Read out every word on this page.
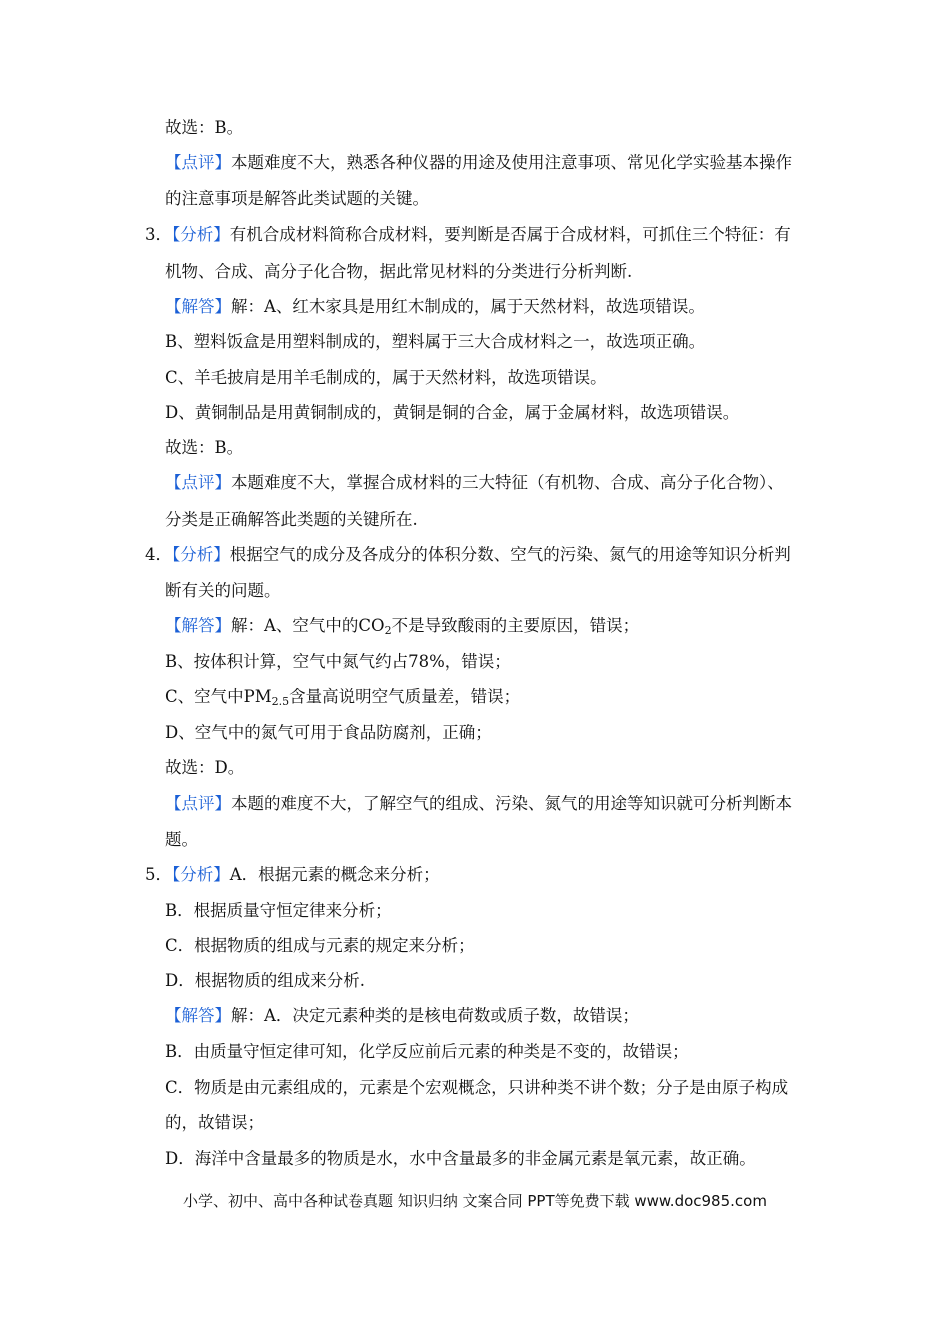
故选：B。
【点评】本题难度不大，熟悉各种仪器的用途及使用注意事项、常见化学实验基本操作
的注意事项是解答此类试题的关键。
3．【分析】有机合成材料简称合成材料，要判断是否属于合成材料，可抓住三个特征：有
机物、合成、高分子化合物，据此常见材料的分类进行分析判断.
【解答】解：A、红木家具是用红木制成的，属于天然材料，故选项错误。
B、塑料饭盒是用塑料制成的，塑料属于三大合成材料之一，故选项正确。
C、羊毛披肩是用羊毛制成的，属于天然材料，故选项错误。
D、黄铜制品是用黄铜制成的，黄铜是铜的合金，属于金属材料，故选项错误。
故选：B。
【点评】本题难度不大，掌握合成材料的三大特征（有机物、合成、高分子化合物）、
分类是正确解答此类题的关键所在.
4．【分析】根据空气的成分及各成分的体积分数、空气的污染、氮气的用途等知识分析判
断有关的问题。
【解答】解：A、空气中的$CO_2$不是导致酸雨的主要原因，错误；
B、按体积计算，空气中氮气约占78%，错误；
C、空气中$PM_{2.5}$含量高说明空气质量差，错误；
D、空气中的氮气可用于食品防腐剂，正确；
故选：D。
【点评】本题的难度不大，了解空气的组成、污染、氮气的用途等知识就可分析判断本
题。
5．【分析】A．根据元素的概念来分析；
B．根据质量守恒定律来分析；
C．根据物质的组成与元素的规定来分析；
D．根据物质的组成来分析.
【解答】解：A．决定元素种类的是核电荷数或质子数，故错误；
B．由质量守恒定律可知，化学反应前后元素的种类是不变的，故错误；
C．物质是由元素组成的，元素是个宏观概念，只讲种类不讲个数；分子是由原子构成
的，故错误；
D．海洋中含量最多的物质是水，水中含量最多的非金属元素是氧元素，故正确。
小学、初中、高中各种试卷真题 知识归纳 文案合同 PPT等免费下载 www.doc985.com
